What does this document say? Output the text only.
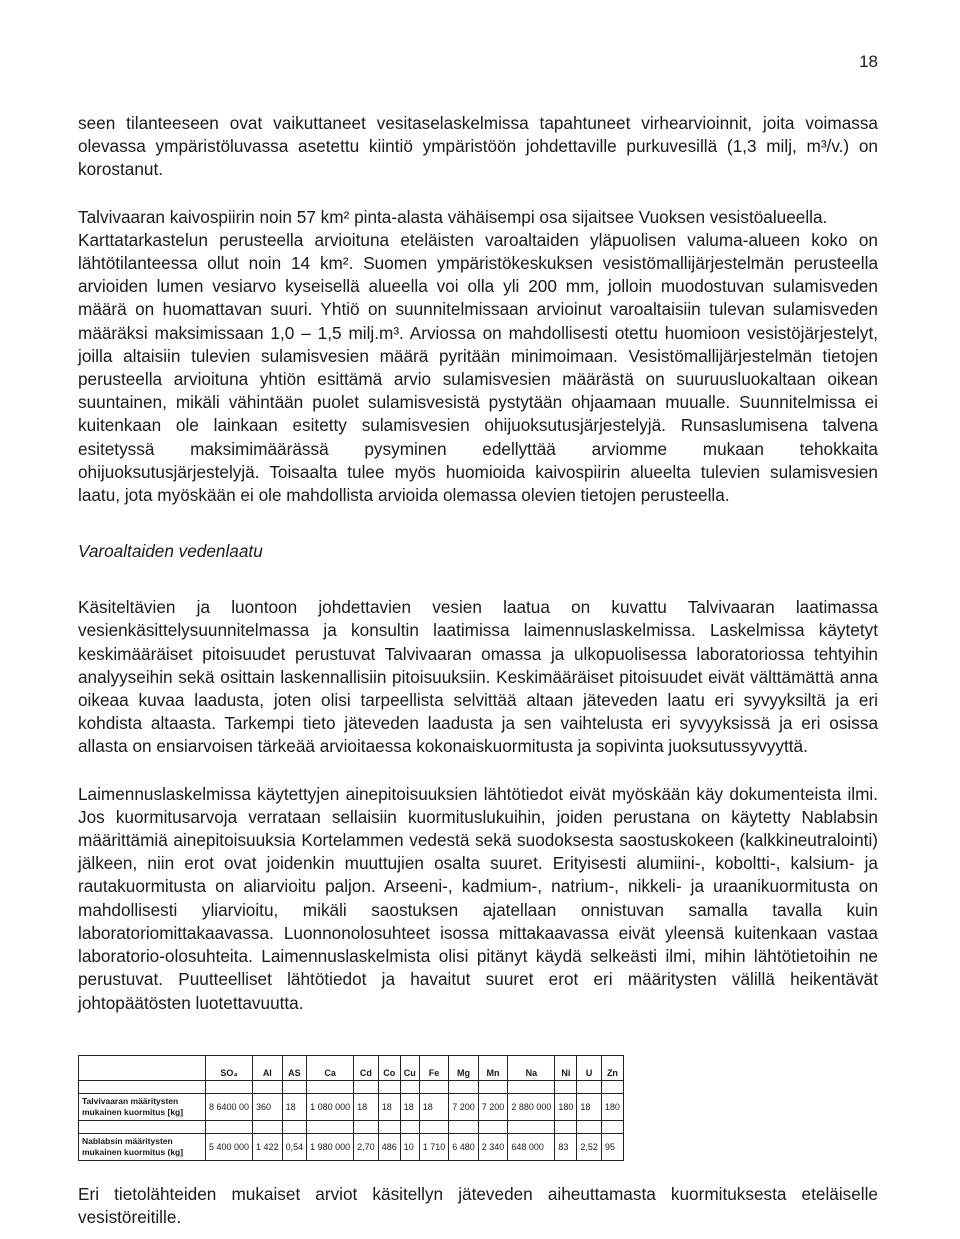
18

seen tilanteeseen ovat vaikuttaneet vesitaselaskelmissa tapahtuneet virhearvioinnit, joita voimassa olevassa ympäristöluvassa asetettu kiintiö ympäristöön johdettaville purkuvesillä (1,3 milj, m³/v.) on korostanut.

Talvivaaran kaivospiirin noin 57 km² pinta-alasta vähäisempi osa sijaitsee Vuoksen vesistöalueella.

Karttatarkastelun perusteella arvioituna eteläisten varoaltaiden yläpuolisen valuma-alueen koko on lähtötilanteessa ollut noin 14 km². Suomen ympäristökeskuksen vesistömallijärjestelmän perusteella arvioiden lumen vesiarvo kyseisellä alueella voi olla yli 200 mm, jolloin muodostuvan sulamisveden määrä on huomattavan suuri. Yhtiö on suunnitelmissaan arvioinut varoaltaisiin tulevan sulamisveden määräksi maksimissaan 1,0 – 1,5 milj.m³. Arviossa on mahdollisesti otettu huomioon vesistöjärjestelyt, joilla altaisiin tulevien sulamisvesien määrä pyritään minimoimaan. Vesistömallijärjestelmän tietojen perusteella arvioituna yhtiön esittämä arvio sulamisvesien määrästä on suuruusluokaltaan oikean suuntainen, mikäli vähintään puolet sulamisvesistä pystytään ohjaamaan muualle. Suunnitelmissa ei kuitenkaan ole lainkaan esitetty sulamisvesien ohijuoksutusjärjestelyjä. Runsaslumisena talvena esitetyssä maksimimäärässä pysyminen edellyttää arviomme mukaan tehokkaita ohijuoksutusjärjestelyjä. Toisaalta tulee myös huomioida kaivospiirin alueelta tulevien sulamisvesien laatu, jota myöskään ei ole mahdollista arvioida olemassa olevien tietojen perusteella.

Varoaltaiden vedenlaatu

Käsiteltävien ja luontoon johdettavien vesien laatua on kuvattu Talvivaaran laatimassa vesienkäsittelysuunnitelmassa ja konsultin laatimissa laimennuslaskelmissa. Laskelmissa käytetyt keskimääräiset pitoisuudet perustuvat Talvivaaran omassa ja ulkopuolisessa laboratoriossa tehtyihin analyyseihin sekä osittain laskennallisiin pitoisuuksiin. Keskimääräiset pitoisuudet eivät välttämättä anna oikeaa kuvaa laadusta, joten olisi tarpeellista selvittää altaan jäteveden laatu eri syvyyksiltä ja eri kohdista altaasta. Tarkempi tieto jäteveden laadusta ja sen vaihtelusta eri syvyyksissä ja eri osissa allasta on ensiarvoisen tärkeää arvioitaessa kokonaiskuormitusta ja sopivinta juoksutussyvyyttä.

Laimennuslaskelmissa käytettyjen ainepitoisuuksien lähtötiedot eivät myöskään käy dokumenteista ilmi. Jos kuormitusarvoja verrataan sellaisiin kuormituslukuihin, joiden perustana on käytetty Nablabsin määrittämiä ainepitoisuuksia Kortelammen vedestä sekä suodoksesta saostuskokeen (kalkkineutralointi) jälkeen, niin erot ovat joidenkin muuttujien osalta suuret. Erityisesti alumiini-, koboltti-, kalsium- ja rautakuormitusta on aliarvioitu paljon. Arseeni-, kadmium-, natrium-, nikkeli- ja uraanikuormitusta on mahdollisesti yliarvioitu, mikäli saostuksen ajatellaan onnistuvan samalla tavalla kuin laboratoriomittakaavassa. Luonnonolosuhteet isossa mittakaavassa eivät yleensä kuitenkaan vastaa laboratorio-olosuhteita. Laimennuslaskelmista olisi pitänyt käydä selkeästi ilmi, mihin lähtötietoihin ne perustuvat. Puutteelliset lähtötiedot ja havaitut suuret erot eri määritysten välillä heikentävät johtopäätösten luotettavuutta.

	SO₄	Al	AS	Ca	Cd	Co	Cu	Fe	Mg	Mn	Na	Ni	U	Zn

Talvivaaran määritysten
mukainen kuormitus [kg]	8 6400 00	360	18	1 080 000	18	18	18	18	7 200	7 200	2 880 000	180	18	180

Nablabsin määritysten
mukainen kuormitus (kg]	5 400 000	1 422	0,54	1 980 000	2,70	486	10	1 710	6 480	2 340	648 000	83	2,52	95

Eri tietolähteiden mukaiset arviot käsitellyn jäteveden aiheuttamasta kuormituksesta eteläiselle vesistöreitille.
